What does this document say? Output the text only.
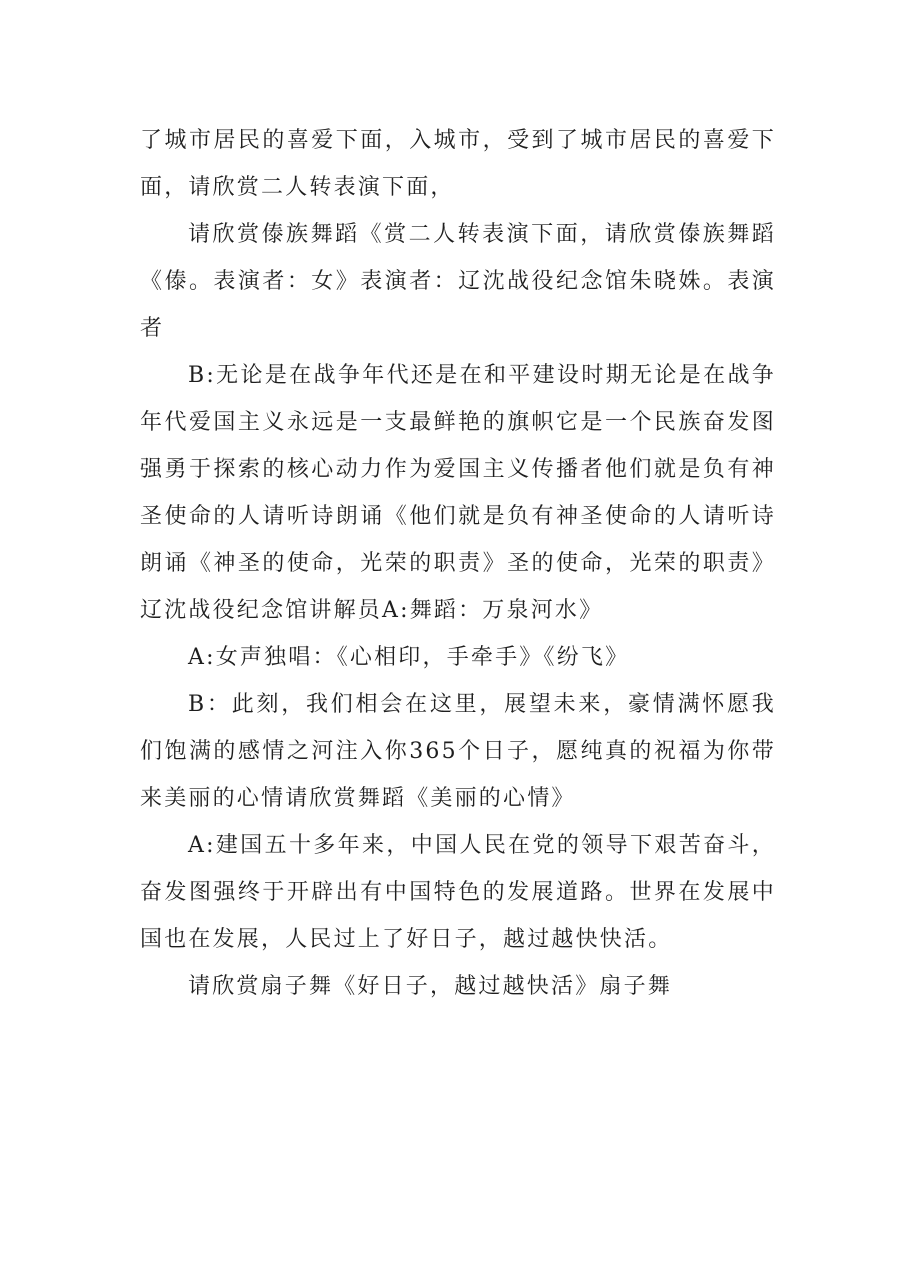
了城市居民的喜爱下面，入城市，受到了城市居民的喜爱下面，请欣赏二人转表演下面，

请欣赏傣族舞蹈《赏二人转表演下面，请欣赏傣族舞蹈《傣。表演者：女》表演者：辽沈战役纪念馆朱晓姝。表演者

B:无论是在战争年代还是在和平建设时期无论是在战争年代爱国主义永远是一支最鲜艳的旗帜它是一个民族奋发图强勇于探索的核心动力作为爱国主义传播者他们就是负有神圣使命的人请听诗朗诵《他们就是负有神圣使命的人请听诗朗诵《神圣的使命，光荣的职责》圣的使命，光荣的职责》辽沈战役纪念馆讲解员A:舞蹈：万泉河水》

A:女声独唱：《心相印，手牵手》《纷飞》

B：此刻，我们相会在这里，展望未来，豪情满怀愿我们饱满的感情之河注入你365个日子，愿纯真的祝福为你带来美丽的心情请欣赏舞蹈《美丽的心情》

A:建国五十多年来，中国人民在党的领导下艰苦奋斗，奋发图强终于开辟出有中国特色的发展道路。世界在发展中国也在发展，人民过上了好日子，越过越快快活。

请欣赏扇子舞《好日子，越过越快活》扇子舞
